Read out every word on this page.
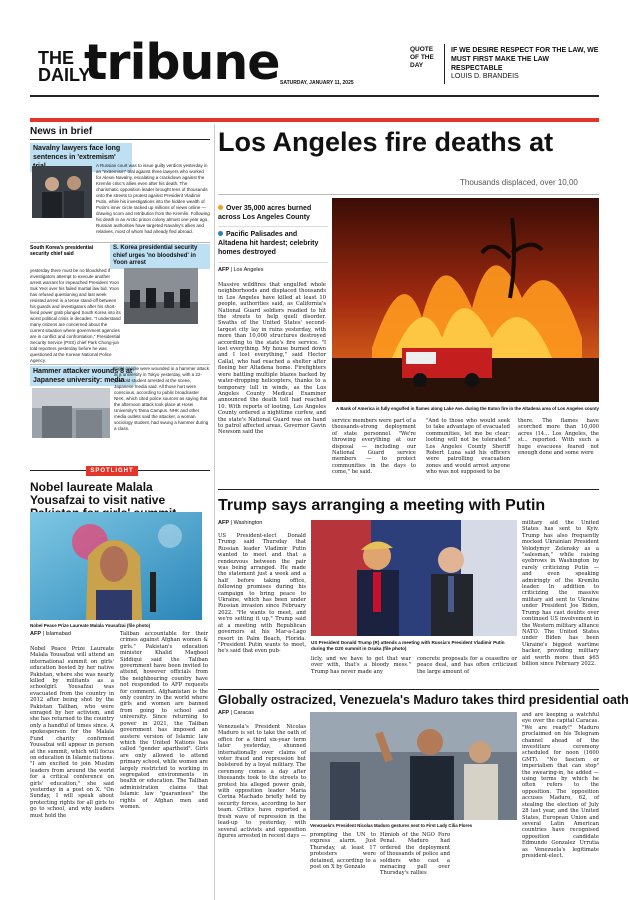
THE
DAILY
tribune SATURDAY, JANUARY 11, 2025
QUOTE OF THE DAY
IF WE DESIRE RESPECT FOR THE LAW, WE MUST FIRST MAKE THE LAW RESPECTABLE
LOUIS D. BRANDEIS
News in brief
Navalny lawyers face long sentences in 'extremism'
A Russian court was to issue guilty verdicts yesterday in an "extremism" trial against three lawyers who worked for Alexei Navalny, escalating a crackdown against the Kremlin critic's allies even after his death. The charismatic opposition leader brought tens of thousands onto the streets to protest against President Vladimir Putin, while his investigations into the hidden wealth of Putin's inner circle racked up millions of views online — drawing scorn and retribution from the Kremlin. Following his death in an Arctic prison colony almost one year ago, Russian authorities have targeted Navalny's allies and relatives, most of whom had already fled abroad.
South Korea's presidential security chief said
S. Korea presidential security chief urges 'no bloodshed' in Yoon arrest
yesterday there must be no bloodshed if investigators attempt to execute another arrest warrant for impeached President Yoon Suk Yeol over his failed martial law bid. Yoon has refused questioning and last week resisted arrest in a tense stand-off between his guards and investigators after his short-lived power grab plunged South Korea into its worst political crisis in decades. "I understand many citizens are concerned about the current situation where government agencies are in conflict and confrontation," Presidential Security Service (PSS) chief Park Chong-jun told reporters yesterday before he was questioned at the Korean National Police Agency.
Hammer attacker wounds 8 at Japanese university: media
Eight people were wounded in a hammer attack at a university in Tokyo yesterday, with a 22-year-old student arrested at the scene, Japanese media said. All those hurt were conscious, according to public broadcaster NHK, which cited police sources as saying that the afternoon attack took place at Hosei University's Tama Campus. NHK and other media outlets said the attacker, a woman sociology student, had swung a hammer during a class.
SPOTLIGHT
Nobel laureate Malala Yousafzai to visit native
Nobel Peace Prize Laureate Malala Yousafzai (file photo)
AFP | Islamabad
Nobel Peace Prize Laureate Malala Yousafzai will attend an international summit on girls' education hosted by her native Pakistan, where she was nearly killed by militants as a schoolgirl. Yousafzai was evacuated from the country in 2012 after being shot by the Pakistan Taliban, who were enraged by her activism, and she has returned to the country only a handful of times since. A spokesperson for the Malala Fund charity confirmed Yousafzai will appear in person at the summit, which will focus on education in Islamic nations. "I am excited to join Muslim leaders from around the world for a critical conference on girls' education," she said yesterday in a post on X. "On Sunday, I will speak about protecting rights for all girls to go to school, and why leaders must hold the
Taliban accountable for their crimes against Afghan women & girls." Pakistan's education minister Khalid Maqbool Siddiqui said the Taliban government have been invited to attend, however officials from the neighbouring country have not responded to AFP requests for comment. Afghanistan is the only country in the world where girls and women are banned from going to school and university. Since returning to power in 2021, the Taliban government has imposed an austere version of Islamic law which the United Nations has called "gender apartheid". Girls are only allowed to attend primary school, while women are largely restricted to working in segregated environments in health or education. The Taliban administration claims that Islamic law "guarantees" the rights of Afghan men and women.
Los Angeles fire deaths at
Thousands displaced, over 10,00
Over 35,000 acres burned across Los Angeles County
Pacific Palisades and Altadena hit hardest; celebrity homes destroyed
AFP | Los Angeles
Massive wildfires that engulfed whole neighborhoods and displaced thousands in Los Angeles have killed at least 10 people, authorities said, as California's National Guard soldiers readied to hit the streets to help quell disorder. Swaths of the United States' second-largest city lay in ruins yesterday, with more than 10,000 structures destroyed according to the state's fire service. "I lost everything. My house burned down and I lost everything," said Hector Callal, who had reached a shelter after fleeing her Altadena home. Firefighters were battling multiple blazes backed by water-dropping helicopters, thanks to a temporary lull in winds, as the Los Angeles County Medical Examiner announced the death toll had reached 10. With reports of looting, Los Angeles County ordered a nighttime curfew, and the state's National Guard was on hand to patrol affected areas. Governor Gavin Newsom said the
A Bank of America is fully engulfed in flames along Lake Ave. during the Eaton fire in the Altadena area of Los Angeles county
service members were part of a thousands-strong deployment of state personnel. "We're throwing everything at our disposal — including our National Guard service members — to protect communities in the days to come," he said.
"And to those who would seek to take advantage of evacuated communities, let me be clear: looting will not be tolerated." Los Angeles County Sheriff Robert Luna said his officers were patrolling evacuation zones and would arrest anyone who was not supposed to be
there. The flames have scorched more than 10,000 acres (14... Los Angeles, the st... reported. With such a huge evacuees feared not enough done and some were
Trump says arranging a meeting with Putin
AFP | Washington
US President-elect Donald Trump said Thursday that Russian leader Vladimir Putin wanted to meet and that a rendezvous between the pair was being arranged. He made the statement just a week and a half before taking office, following promises during his campaign to bring peace to Ukraine, which has been under Russian invasion since February 2022. "He wants to meet, and we're setting it up," Trump said at a meeting with Republican governors at his Mar-a-Lago resort in Palm Beach, Florida. "President Putin wants to meet, he's said that even pub-
US President Donald Trump (R) attends a meeting with Russia's President Vladimir Putin during the G20 summit in Osaka (file photo)
licly, and we have to get that war over with, that's a bloody mess." Trump has never made any
concrete proposals for a ceasefire or peace deal, and has often criticized the large amount of
military aid the United States has sent to Kyiv. Trump has also frequently mocked Ukrainian President Volodymyr Zelensky as a "salesman," while raising eyebrows in Washington by rarely criticizing Putin — and even speaking admiringly of the Kremlin leader. In addition to criticizing the massive military aid sent to Ukraine under President Joe Biden, Trump has cast doubts over continued US involvement in the Western military alliance NATO. The United States under Biden has been Ukraine's biggest wartime backer, providing military aid worth more than $65 billion since February 2022.
Globally ostracized, Venezuela's Maduro takes third presidential oath
AFP | Caracas
Venezuela's President Nicolas Maduro is set to take the oath of office for a third six-year term later yesterday, shunned internationally over claims of voter fraud and repression but bolstered by a loyal military. The ceremony comes a day after thousands took to the streets to protest his alleged power grab, with opposition leader Maria Corina Machado briefly held by security forces, according to her team. Critics have reported a fresh wave of repression in the lead-up to yesterday, with several activists and opposition figures arrested in recent days —
Venezuela's President Nicolas Maduro gestures next to First Lady Cilia Flores
prompting the UN to express alarm. Just Thursday, at least 17 protesters were detained, according to a post on X by Gonzalo
Himiob of the NGO Foro Penal. Maduro had ordered the deployment of thousands of police and soldiers who cast a menacing pall over Thursday's rallies
and are keeping a watchful eye over the capital Caracas. "We are ready!" Maduro proclaimed on his Telegram channel ahead of the investiture ceremony scheduled for noon (1600 GMT). "No fascism or imperialism that can stop" the swearing-in, he added — using terms by which he often refers to the opposition. The opposition accuses Maduro, 62, of stealing the election of July 28 last year, and the United States, European Union and several Latin American countries have recognised opposition candidate Edmundo Gonzalez Urrutia as Venezuela's legitimate president-elect.
